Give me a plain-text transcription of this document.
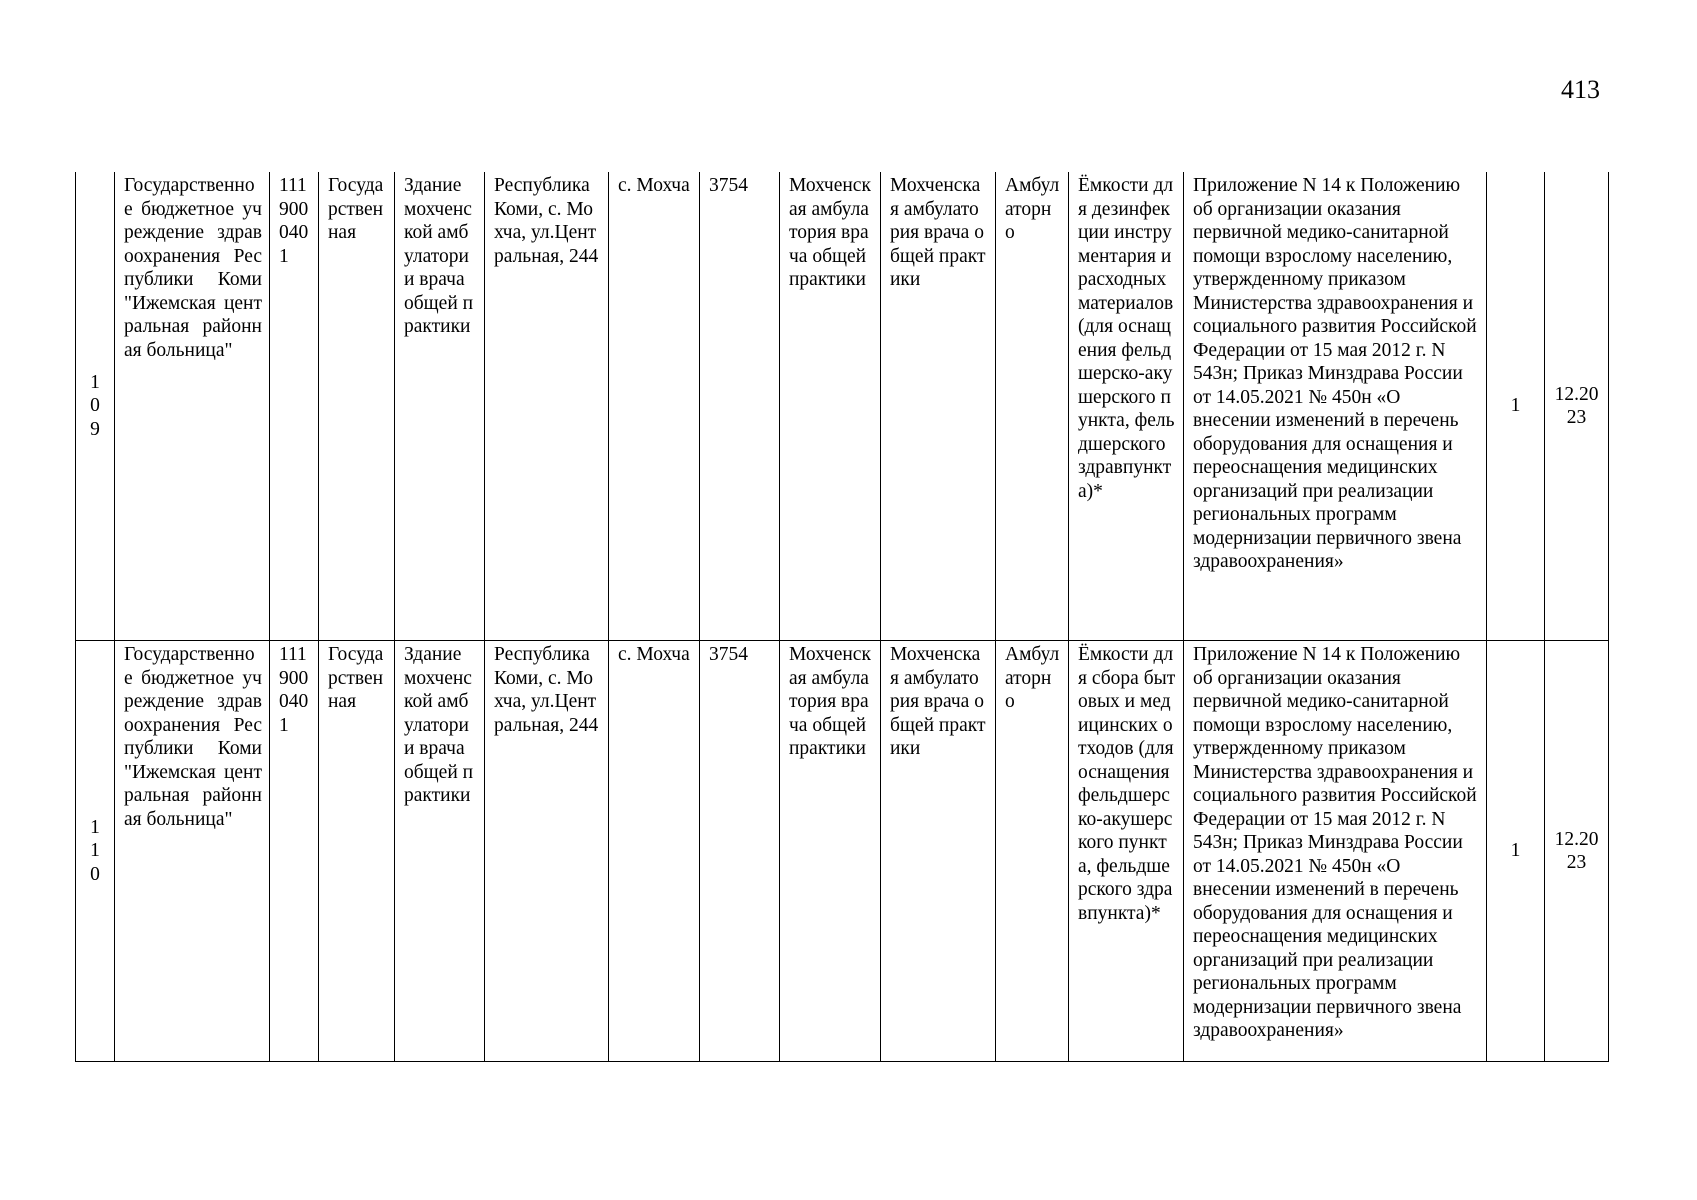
413
109	Государственное бюджетное учреждение здравоохранения Республики Коми "Ижемская центральная районная больница"	1119000401	Государственная	Здание мохченской амбулатории врача общей практики	Республика Коми, с. Мохча, ул.Центральная, 244	с. Мохча	3754	Мохченская амбулатория врача общей практики	Мохченская амбулатория врача общей практики	Амбулаторно	Ёмкости для дезинфекции инструментария и расходных материалов (для оснащения фельдшерско-акушерского пункта, фельдшерского здравпункта)*	Приложение N 14 к Положению об организации оказания первичной медико-санитарной помощи взрослому населению, утвержденному приказом Министерства здравоохранения и социального развития Российской Федерации от 15 мая 2012 г. N 543н; Приказ Минздрава России от 14.05.2021 № 450н «О внесении изменений в перечень оборудования для оснащения и переоснащения медицинских организаций при реализации региональных программ модернизации первичного звена здравоохранения»	1	12.2023

110	Государственное бюджетное учреждение здравоохранения Республики Коми "Ижемская центральная районная больница"	1119000401	Государственная	Здание мохченской амбулатории врача общей практики	Республика Коми, с. Мохча, ул.Центральная, 244	с. Мохча	3754	Мохченская амбулатория врача общей практики	Мохченская амбулатория врача общей практики	Амбулаторно	Ёмкости для сбора бытовых и медицинских отходов (для оснащения фельдшерско-акушерского пункта, фельдшерского здравпункта)*	Приложение N 14 к Положению об организации оказания первичной медико-санитарной помощи взрослому населению, утвержденному приказом Министерства здравоохранения и социального развития Российской Федерации от 15 мая 2012 г. N 543н; Приказ Минздрава России от 14.05.2021 № 450н «О внесении изменений в перечень оборудования для оснащения и переоснащения медицинских организаций при реализации региональных программ модернизации первичного звена здравоохранения»	1	12.2023
